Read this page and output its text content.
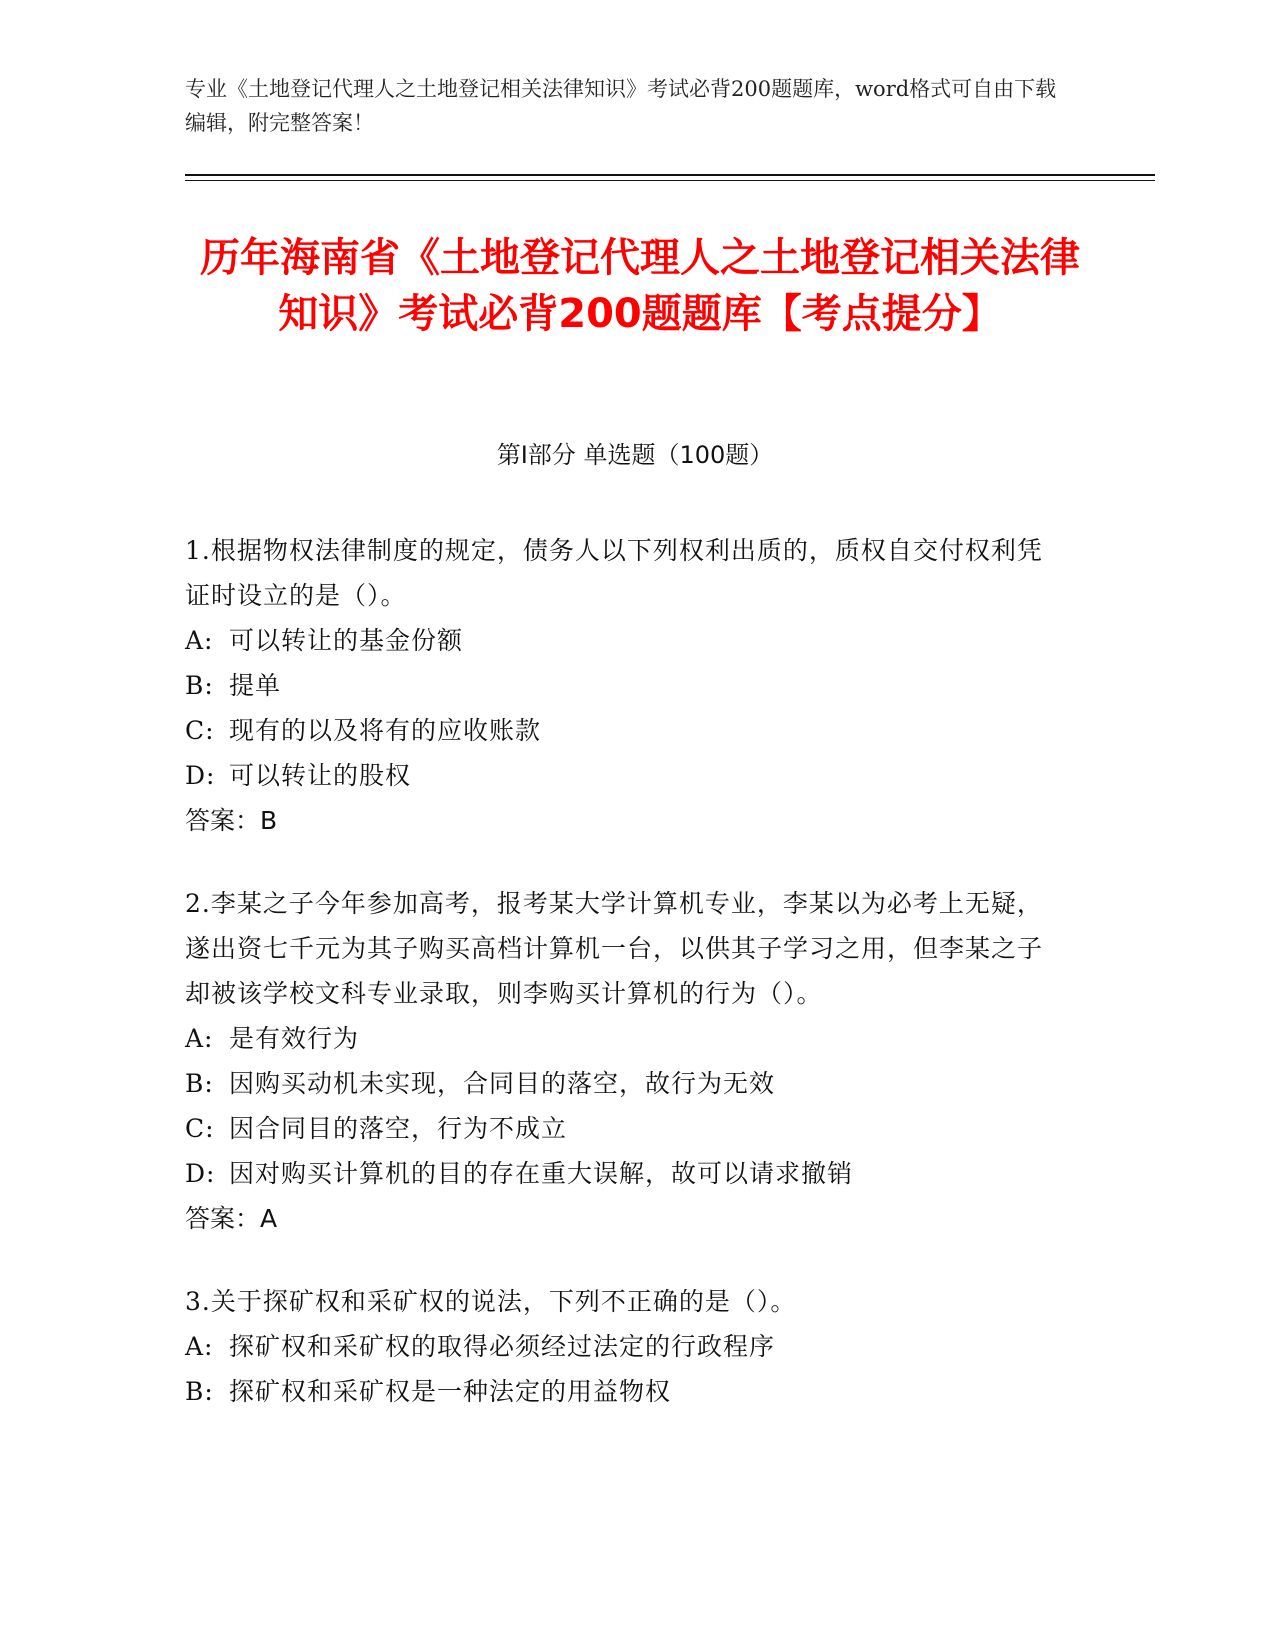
专业《土地登记代理人之土地登记相关法律知识》考试必背200题题库，word格式可自由下载编辑，附完整答案！
历年海南省《土地登记代理人之土地登记相关法律知识》考试必背200题题库【考点提分】
第I部分 单选题（100题）
1.根据物权法律制度的规定，债务人以下列权利出质的，质权自交付权利凭证时设立的是（）。
A: 可以转让的基金份额
B: 提单
C: 现有的以及将有的应收账款
D: 可以转让的股权
答案：B
2.李某之子今年参加高考，报考某大学计算机专业，李某以为必考上无疑，遂出资七千元为其子购买高档计算机一台，以供其子学习之用，但李某之子却被该学校文科专业录取，则李购买计算机的行为（）。
A: 是有效行为
B: 因购买动机未实现，合同目的落空，故行为无效
C: 因合同目的落空，行为不成立
D: 因对购买计算机的目的存在重大误解，故可以请求撤销
答案：A
3.关于探矿权和采矿权的说法，下列不正确的是（）。
A: 探矿权和采矿权的取得必须经过法定的行政程序
B: 探矿权和采矿权是一种法定的用益物权
